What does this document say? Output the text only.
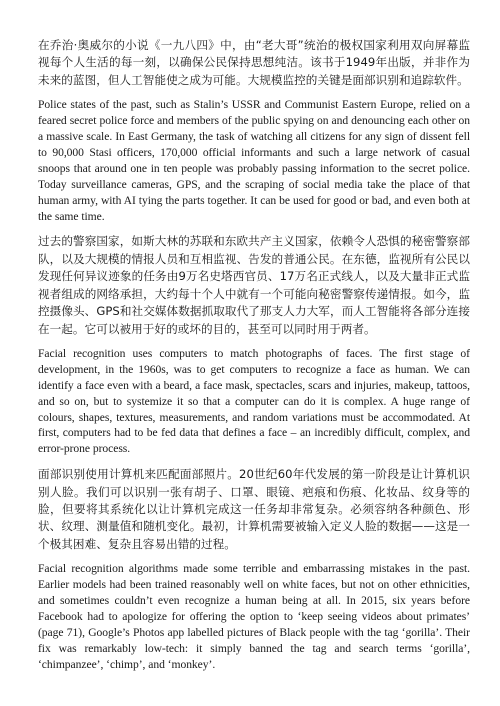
在乔治·奥威尔的小说《一九八四》中，由“老大哥”统治的极权国家利用双向屏幕监视每个人生活的每一刻，以确保公民保持思想纯洁。该书于1949年出版，并非作为未来的蓝图，但人工智能使之成为可能。大规模监控的关键是面部识别和追踪软件。

Police states of the past, such as Stalin’s USSR and Communist Eastern Europe, relied on a feared secret police force and members of the public spying on and denouncing each other on a massive scale. In East Germany, the task of watching all citizens for any sign of dissent fell to 90,000 Stasi officers, 170,000 official informants and such a large network of casual snoops that around one in ten people was probably passing information to the secret police. Today surveillance cameras, GPS, and the scraping of social media take the place of that human army, with AI tying the parts together. It can be used for good or bad, and even both at the same time.

过去的警察国家，如斯大林的苏联和东欧共产主义国家，依赖令人恐惧的秘密警察部队，以及大规模的情报人员和互相监视、告发的普通公民。在东德，监视所有公民以发现任何异议迹象的任务由9万名史塔西官员、17万名正式线人，以及大量非正式监视者组成的网络承担，大约每十个人中就有一个可能向秘密警察传递情报。如今，监控摄像头、GPS和社交媒体数据抓取取代了那支人力大军，而人工智能将各部分连接在一起。它可以被用于好的或坏的目的，甚至可以同时用于两者。

Facial recognition uses computers to match photographs of faces. The first stage of development, in the 1960s, was to get computers to recognize a face as human. We can identify a face even with a beard, a face mask, spectacles, scars and injuries, makeup, tattoos, and so on, but to systemize it so that a computer can do it is complex. A huge range of colours, shapes, textures, measurements, and random variations must be accommodated. At first, computers had to be fed data that defines a face – an incredibly difficult, complex, and error-prone process.

面部识别使用计算机来匹配面部照片。20世纪60年代发展的第一阶段是让计算机识别人脸。我们可以识别一张有胡子、口罩、眼镜、疤痕和伤痕、化妆品、纹身等的脸，但要将其系统化以让计算机完成这一任务却非常复杂。必须容纳各种颜色、形状、纹理、测量值和随机变化。最初，计算机需要被输入定义人脸的数据——这是一个极其困难、复杂且容易出错的过程。

Facial recognition algorithms made some terrible and embarrassing mistakes in the past. Earlier models had been trained reasonably well on white faces, but not on other ethnicities, and sometimes couldn’t even recognize a human being at all. In 2015, six years before Facebook had to apologize for offering the option to ‘keep seeing videos about primates’ (page 71), Google’s Photos app labelled pictures of Black people with the tag ‘gorilla’. Their fix was remarkably low-tech: it simply banned the tag and search terms ‘gorilla’, ‘chimpanzee’, ‘chimp’, and ‘monkey’.
